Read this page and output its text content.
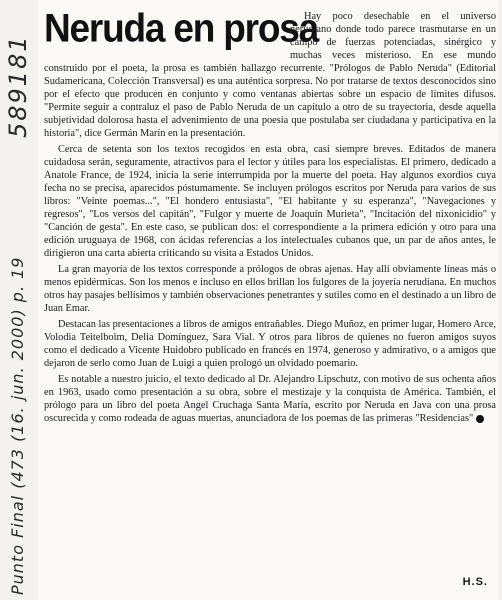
589181
Punto Final (473 (16. jun. 2000) p. 19
Neruda en prosa

Hay poco desechable en el universo nerudiano donde todo parece trasmutarse en un campo de fuerzas potenciadas, sinérgico y muchas veces misterioso. En ese mundo construido por el poeta, la prosa es también hallazgo recurrente. "Prólogos de Pablo Neruda" (Editorial Sudamericana, Colección Transversal) es una auténtica sorpresa. No por tratarse de textos desconocidos sino por el efecto que producen en conjunto y como ventanas abiertas sobre un espacio de límites difusos. "Permite seguir a contraluz el paso de Pablo Neruda de un capítulo a otro de su trayectoria, desde aquella subjetividad dolorosa hasta el advenimiento de una poesía que postulaba ser ciudadana y participativa en la historia", dice Germán Marín en la presentación.

Cerca de setenta son los textos recogidos en esta obra, casi siempre breves. Editados de manera cuidadosa serán, seguramente, atractivos para el lector y útiles para los especialistas. El primero, dedicado a Anatole France, de 1924, inicia la serie interrumpida por la muerte del poeta. Hay algunos exordios cuya fecha no se precisa, aparecidos póstumamente. Se incluyen prólogos escritos por Neruda para varios de sus libros: "Veinte poemas...", "El hondero entusiasta", "El habitante y su esperanza", "Navegaciones y regresos", "Los versos del capitán", "Fulgor y muerte de Joaquín Murieta", "Incitación del nixonicidio" y "Canción de gesta". En este caso, se publican dos: el correspondiente a la primera edición y otro para una edición uruguaya de 1968, con ácidas referencias a los intelectuales cubanos que, un par de años antes, le dirigieron una carta abierta criticando su visita a Estados Unidos.

La gran mayoría de los textos corresponde a prólogos de obras ajenas. Hay allí obviamente líneas más o menos epidérmicas. Son los menos e incluso en ellos brillan los fulgores de la joyería nerudiana. En muchos otros hay pasajes bellísimos y también observaciones penetrantes y sutiles como en el destinado a un libro de Juan Emar.

Destacan las presentaciones a libros de amigos entrañables. Diego Muñoz, en primer lugar, Homero Arce, Volodia Teitelboim, Delia Domínguez, Sara Vial. Y otros para libros de quienes no fueron amigos suyos como el dedicado a Vicente Huidobro publicado en francés en 1974, generoso y admirativo, o a amigos que dejaron de serlo como Juan de Luigi a quien prologó un olvidado poemario.

Es notable a nuestro juicio, el texto dedicado al Dr. Alejandro Lipschutz, con motivo de sus ochenta años en 1963, usado como presentación a su obra, sobre el mestizaje y la conquista de América. También, el prólogo para un libro del poeta Angel Cruchaga Santa María, escrito por Neruda en Java con una prosa oscurecida y como rodeada de aguas muertas, anunciadora de los poemas de las primeras "Residencias"

H.S.
